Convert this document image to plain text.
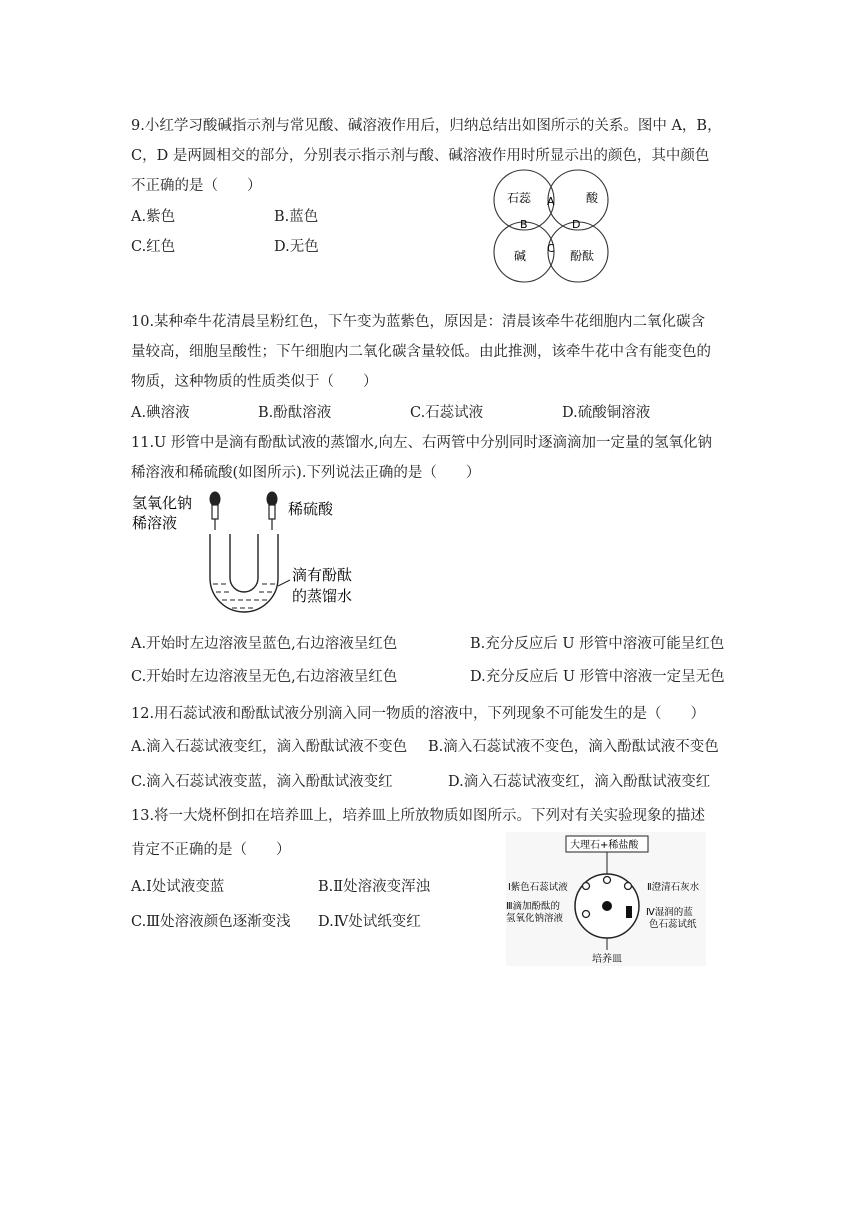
9.小红学习酸碱指示剂与常见酸、碱溶液作用后，归纳总结出如图所示的关系。图中 A，B，
C，D 是两圆相交的部分，分别表示指示剂与酸、碱溶液作用时所显示出的颜色，其中颜色
不正确的是（　　）
A.紫色	B.蓝色
C.红色	D.无色
石蕊	酸
碱	酚酞
A
B
C
D
10.某种牵牛花清晨呈粉红色，下午变为蓝紫色，原因是：清晨该牵牛花细胞内二氧化碳含
量较高，细胞呈酸性；下午细胞内二氧化碳含量较低。由此推测，该牵牛花中含有能变色的
物质，这种物质的性质类似于（　　）
A.碘溶液	B.酚酞溶液	C.石蕊试液	D.硫酸铜溶液
11.U 形管中是滴有酚酞试液的蒸馏水,向左、右两管中分别同时逐滴滴加一定量的氢氧化钠
稀溶液和稀硫酸(如图所示).下列说法正确的是（　　）
氢氧化钠
稀溶液
稀硫酸
滴有酚酞
的蒸馏水
A.开始时左边溶液呈蓝色,右边溶液呈红色	B.充分反应后 U 形管中溶液可能呈红色
C.开始时左边溶液呈无色,右边溶液呈红色	D.充分反应后 U 形管中溶液一定呈无色
12.用石蕊试液和酚酞试液分别滴入同一物质的溶液中，下列现象不可能发生的是（　　）
A.滴入石蕊试液变红，滴入酚酞试液不变色 B.滴入石蕊试液不变色，滴入酚酞试液不变色
C.滴入石蕊试液变蓝，滴入酚酞试液变红	D.滴入石蕊试液变红，滴入酚酞试液变红
13.将一大烧杯倒扣在培养皿上，培养皿上所放物质如图所示。下列对有关实验现象的描述
肯定不正确的是（　　）
A.Ⅰ处试液变蓝	B.Ⅱ处溶液变浑浊
C.Ⅲ处溶液颜色逐渐变浅 D.Ⅳ处试纸变红
大理石+稀盐酸
Ⅰ紫色石蕊试液	Ⅱ澄清石灰水
Ⅲ滴加酚酞的
氢氧化钠溶液
Ⅳ湿润的蓝
色石蕊试纸
培养皿
